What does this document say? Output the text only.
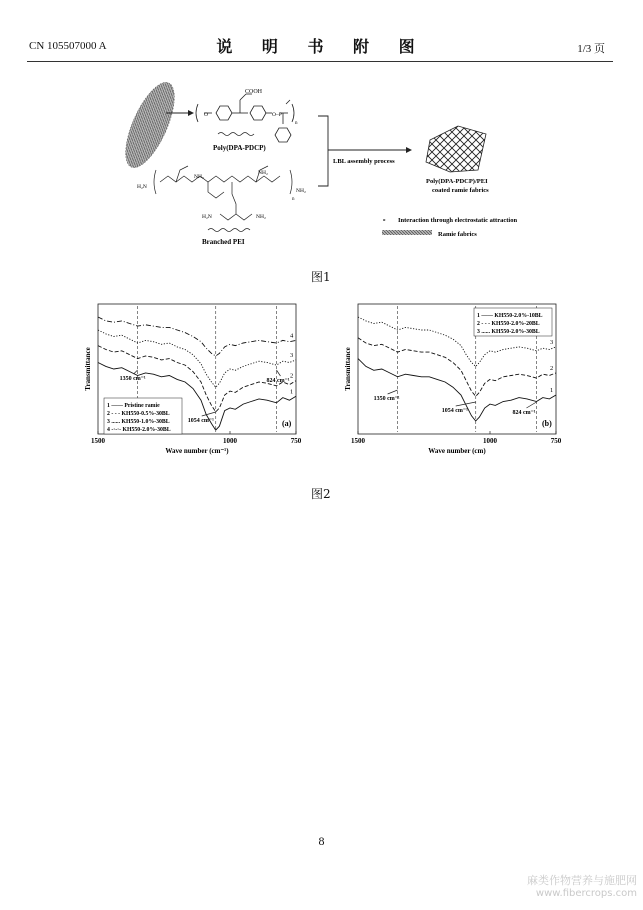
CN 105507000 A	说 明 书 附 图	1/3 页
COOH
O	O–P
n
Poly(DPA-PDCP)
H₂N
NH₂
NH₂
NH₂
H₂N	NH₂
n
Branched PEI
LBL assembly process
Poly(DPA-PDCP)/PEI
coated ramie fabrics
∘ Interaction through electrostatic attraction
Ramie fabrics
图1
1500	1000	750
Wave number (cm⁻¹)
Transmittance
1
2
3
4
1350 cm⁻¹
1054 cm⁻¹
824 cm⁻¹
(a)
1 —— Pristine ramie
2 - - - KH550-0.5%-30BL
3 ...... KH550-1.0%-30BL
4 -·-·- KH550-2.0%-30BL
1500	1000	750
Wave number (cm)
Transmittance	1
2
3
1350 cm⁻¹
1054 cm⁻¹	824 cm⁻¹
(b)
1 —— KH550-2.0%-10BL
2 - - - KH550-2.0%-20BL
3 ...... KH550-2.0%-30BL
图2
8
麻类作物营养与施肥网
www.fibercrops.com
